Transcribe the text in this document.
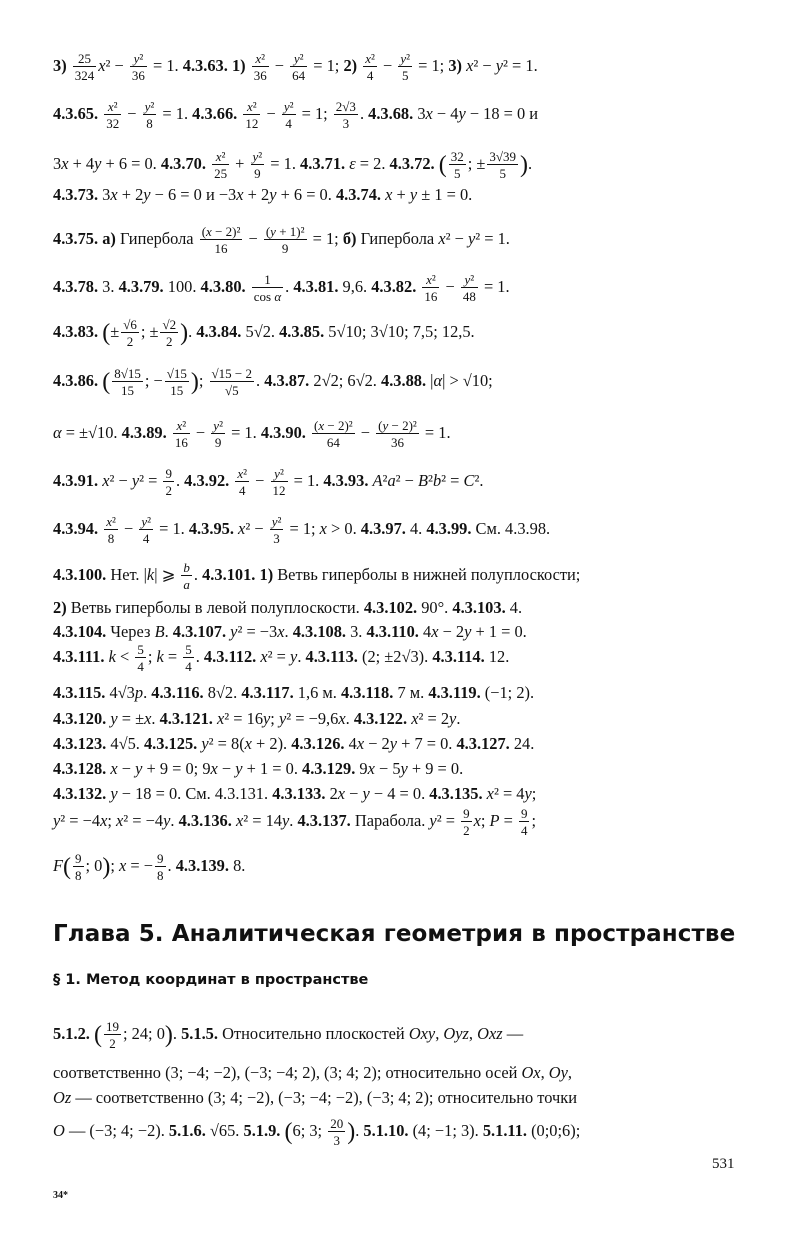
$3) \frac{25}{324} x^2 - \frac{\text{y²}}{36} = 1$. 4.3.63. $1) \frac{\text{x²}}{36} - \frac{\text{y²}}{64} = 1$; $2) \frac{\text{x²}}{4} - \frac{\text{y²}}{5} = 1$; 3) x² − y² = 1.
4.3.65. $\frac{\text{x²}}{32} - \frac{\text{y²}}{8} = 1$. 4.3.66. $\frac{\text{x²}}{12} - \frac{\text{y²}}{4} = 1$; $\frac{2√3}{3}$ . 4.3.68. 3x − 4y − 18 = 0 и
3x + 4y + 6 = 0. 4.3.70. $\frac{\text{x²}}{25} + \frac{\text{y²}}{9} = 1$. 4.3.71. ε = 2. 4.3.72. ( $\frac{32}{5}$ ; ± $\frac{3√39}{5}$ ).
4.3.73. 3x + 2y − 6 = 0 и −3x + 2y + 6 = 0. 4.3.74. x + y ± 1 = 0.
4.3.75. а) Гипербола $\frac{\text{(x − 2)²}}{16} - \frac{\text{(y + 1)²}}{9} = 1$; б) Гипербола x² − y² = 1.
4.3.78. 3. 4.3.79. 100. 4.3.80. $\frac{1}{\text{cos α}}$ . 4.3.81. 9,6. 4.3.82. $\frac{\text{x²}}{16} - \frac{\text{y²}}{48} = 1$.
4.3.83. (± $\frac{√6}{2}$ ; ± $\frac{√2}{2}$ ). 4.3.84. 5√2. 4.3.85. 5√10; 3√10; 7,5; 12,5.
4.3.86. ( $\frac{8√15}{15}$ ; − $\frac{√15}{15}$ ); $\frac{√15 - 2}{√5}$ . 4.3.87. 2√2; 6√2. 4.3.88. |α| > √10;
α = ±√10. 4.3.89. $\frac{\text{x²}}{16} - \frac{\text{y²}}{9} = 1$. 4.3.90. $\frac{\text{(x − 2)²}}{64} - \frac{\text{(y − 2)²}}{36} = 1$.
4.3.91. $x^2 - y^2 = \frac{9}{2}$ . 4.3.92. $\frac{\text{x²}}{4} - \frac{\text{y²}}{12} = 1$. 4.3.93. A²a² − B²b² = C².
4.3.94. $\frac{\text{x²}}{8} - \frac{\text{y²}}{4} = 1$. 4.3.95. $x^2 - \frac{\text{y²}}{3} = 1$; x > 0. 4.3.97. 4. 4.3.99. См. 4.3.98.
4.3.100. Нет. |k| ⩾ $\frac{b}{a}$ . 4.3.101. 1) Ветвь гиперболы в нижней полуплоскости;
2) Ветвь гиперболы в левой полуплоскости. 4.3.102. 90°. 4.3.103. 4.
4.3.104. Через B. 4.3.107. y² = −3x. 4.3.108. 3. 4.3.110. 4x − 2y + 1 = 0.
4.3.111. $k < \frac{5}{4}$ ; $k = \frac{5}{4}$ . 4.3.112. x² = y. 4.3.113. (2; ±2√3). 4.3.114. 12.
4.3.115. 4√3p. 4.3.116. 8√2. 4.3.117. 1,6 м. 4.3.118. 7 м. 4.3.119. (−1; 2).
4.3.120. y = ±x. 4.3.121. x² = 16y; y² = −9,6x. 4.3.122. x² = 2y.
4.3.123. 4√5. 4.3.125. y² = 8(x + 2). 4.3.126. 4x − 2y + 7 = 0. 4.3.127. 24.
4.3.128. x − y + 9 = 0; 9x − y + 1 = 0. 4.3.129. 9x − 5y + 9 = 0.
4.3.132. y − 18 = 0. См. 4.3.131. 4.3.133. 2x − y − 4 = 0. 4.3.135. x² = 4y;
y² = −4x; x² = −4y. 4.3.136. x² = 14y. 4.3.137. Парабола. $y^2 = \frac{9}{2} x$; $P = \frac{9}{4}$ ;
$F( \frac{9}{8}$ ; 0); x = − $\frac{9}{8}$ . 4.3.139. 8.
Глава 5. Аналитическая геометрия в пространстве
§ 1. Метод координат в пространстве
5.1.2. ( $\frac{19}{2}$ ; 24; 0). 5.1.5. Относительно плоскостей Oxy, Oyz, Oxz —
соответственно (3; −4; −2), (−3; −4; 2), (3; 4; 2); относительно осей Ox, Oy,
Oz — соответственно (3; 4; −2), (−3; −4; −2), (−3; 4; 2); относительно точки
O — (−3; 4; −2). 5.1.6. √65. 5.1.9. (6; 3; $\frac{20}{3}$ ). 5.1.10. (4; −1; 3). 5.1.11. (0;0;6);
531
34*
